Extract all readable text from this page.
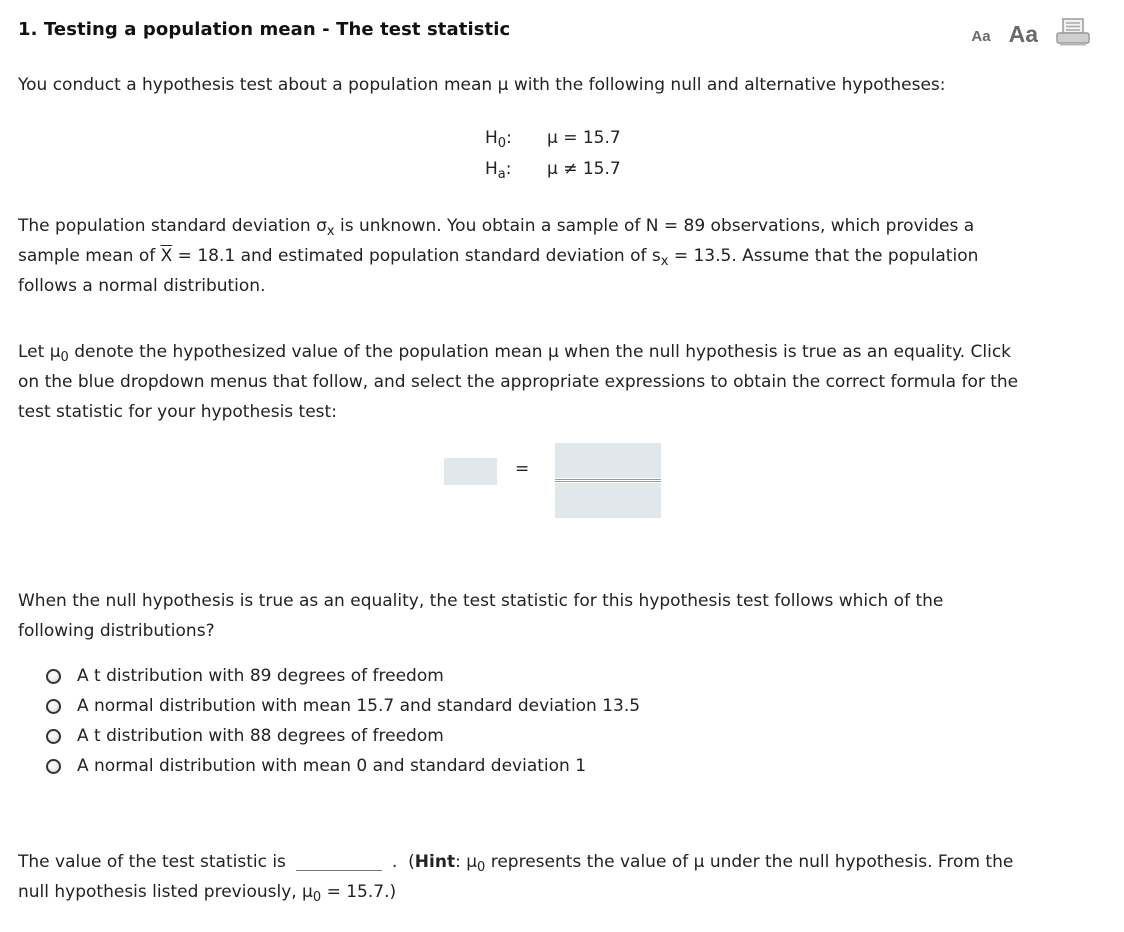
1. Testing a population mean - The test statistic	Aa Aa
You conduct a hypothesis test about a population mean μ with the following null and alternative hypotheses:
$H_0$:	μ = 15.7
$H_a$:	μ ≠ 15.7
The population standard deviation $\sigma_x$ is unknown. You obtain a sample of N = 89 observations, which provides a
sample mean of $\overline{X} = 18.1$ and estimated population standard deviation of $s_x = 13.5$. Assume that the population
follows a normal distribution.
Let $\mu_0$ denote the hypothesized value of the population mean μ when the null hypothesis is true as an equality. Click
on the blue dropdown menus that follow, and select the appropriate expressions to obtain the correct formula for the
test statistic for your hypothesis test:
=
When the null hypothesis is true as an equality, the test statistic for this hypothesis test follows which of the
following distributions?
A t distribution with 89 degrees of freedom
A normal distribution with mean 15.7 and standard deviation 13.5
A t distribution with 88 degrees of freedom
A normal distribution with mean 0 and standard deviation 1
The value of the test statistic is	. (Hint: $\mu_0$ represents the value of μ under the null hypothesis. From the
null hypothesis listed previously, $\mu_0 = 15.7$.)
